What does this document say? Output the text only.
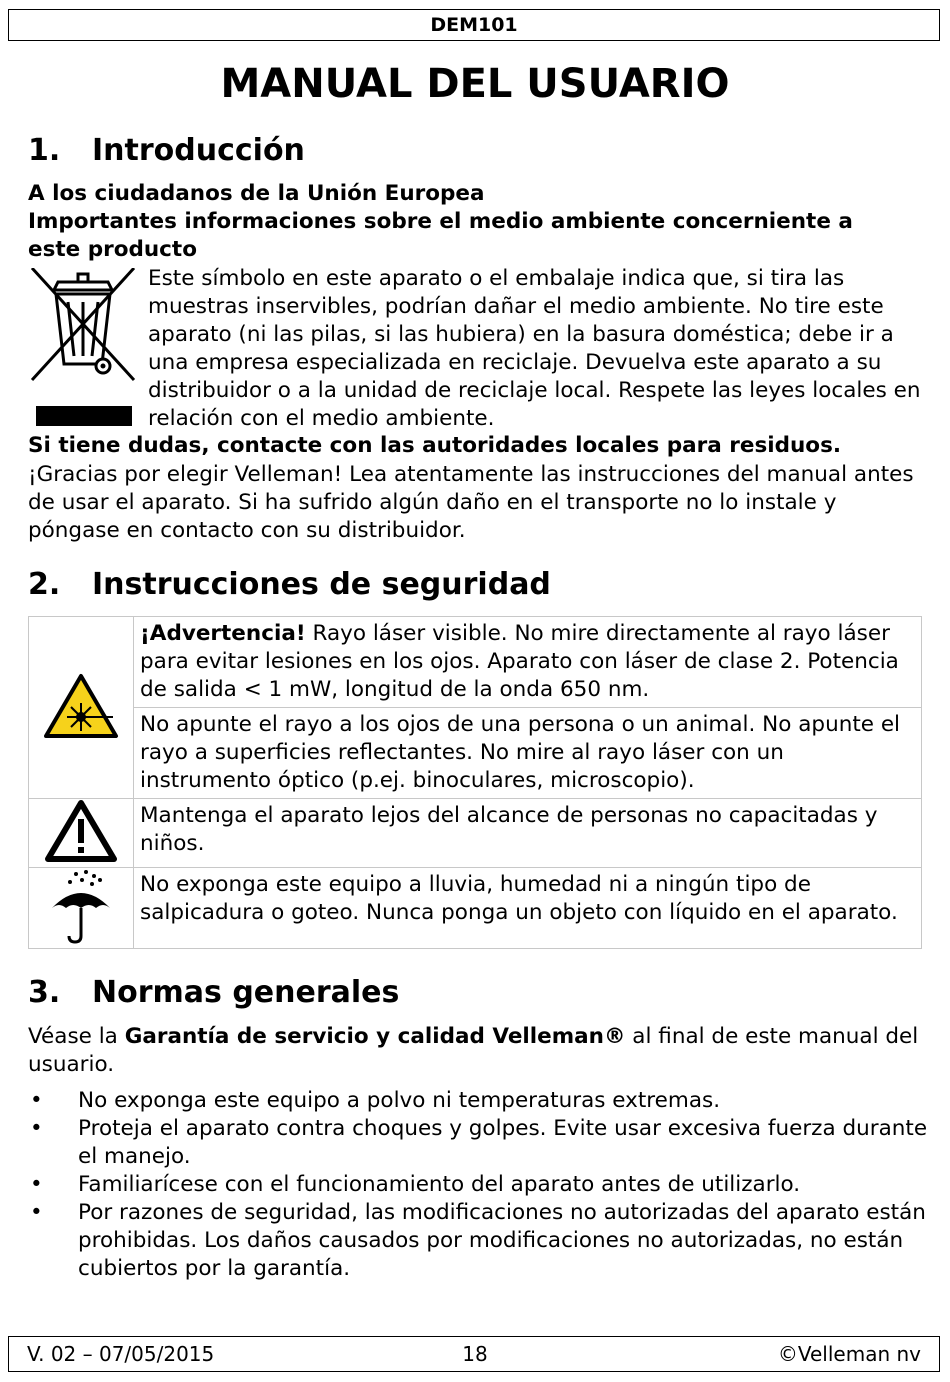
DEM101
MANUAL DEL USUARIO
1. Introducción
A los ciudadanos de la Unión Europea
Importantes informaciones sobre el medio ambiente concerniente a
este producto
Este símbolo en este aparato o el embalaje indica que, si tira las muestras inservibles, podrían dañar el medio ambiente. No tire este aparato (ni las pilas, si las hubiera) en la basura doméstica; debe ir a una empresa especializada en reciclaje. Devuelva este aparato a su distribuidor o a la unidad de reciclaje local. Respete las leyes locales en relación con el medio ambiente.
Si tiene dudas, contacte con las autoridades locales para residuos.
¡Gracias por elegir Velleman! Lea atentamente las instrucciones del manual antes de usar el aparato. Si ha sufrido algún daño en el transporte no lo instale y póngase en contacto con su distribuidor.
2. Instrucciones de seguridad
	¡Advertencia! Rayo láser visible. No mire directamente al rayo láser para evitar lesiones en los ojos. Aparato con láser de clase 2. Potencia de salida < 1 mW, longitud de la onda 650 nm.
	No apunte el rayo a los ojos de una persona o un animal. No apunte el rayo a superficies reflectantes. No mire al rayo láser con un instrumento óptico (p.ej. binoculares, microscopio).
	Mantenga el aparato lejos del alcance de personas no capacitadas y niños.
	No exponga este equipo a lluvia, humedad ni a ningún tipo de salpicadura o goteo. Nunca ponga un objeto con líquido en el aparato.
3. Normas generales
Véase la Garantía de servicio y calidad Velleman® al final de este manual del usuario.
• No exponga este equipo a polvo ni temperaturas extremas.
• Proteja el aparato contra choques y golpes. Evite usar excesiva fuerza durante el manejo.
• Familiarícese con el funcionamiento del aparato antes de utilizarlo.
• Por razones de seguridad, las modificaciones no autorizadas del aparato están prohibidas. Los daños causados por modificaciones no autorizadas, no están cubiertos por la garantía.
V. 02 – 07/05/2015	18	©Velleman nv
